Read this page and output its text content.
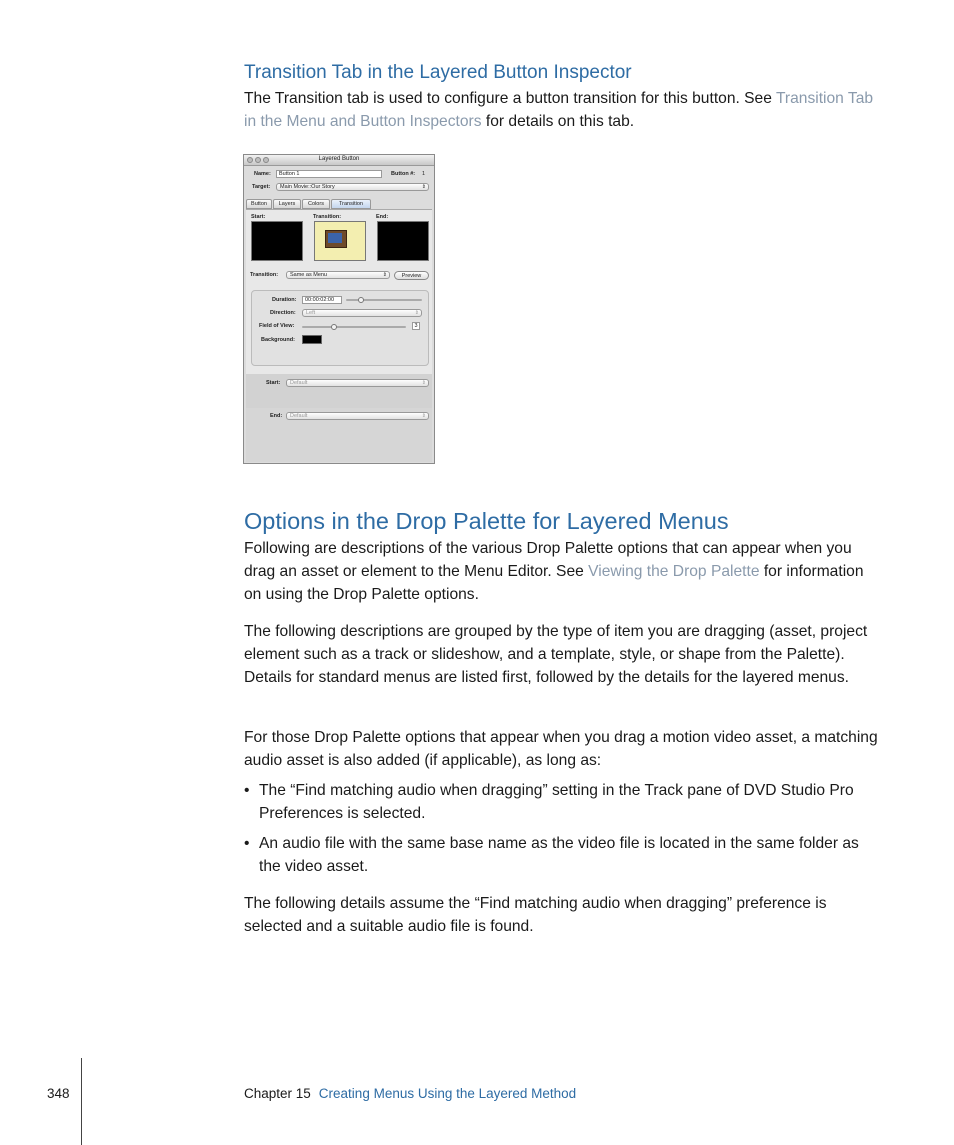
Transition Tab in the Layered Button Inspector

The Transition tab is used to configure a button transition for this button. See Transition Tab in the Menu and Button Inspectors for details on this tab.

Layered Button
Name:	Button 1	Button #: 1
Target:	Main Movie::Our Story	⇕
Button	Layers	Colors	Transition
Start:	Transition:	End:
Transition:	Same as Menu	⇕	Preview
Duration:	00:00:02:00
Direction:	Left	⇕
Field of View:	3
Background:
Start:	Default	⇕
End:	Default	⇕
Options in the Drop Palette for Layered Menus

Following are descriptions of the various Drop Palette options that can appear when you drag an asset or element to the Menu Editor. See Viewing the Drop Palette for information on using the Drop Palette options.

The following descriptions are grouped by the type of item you are dragging (asset, project element such as a track or slideshow, and a template, style, or shape from the Palette). Details for standard menus are listed first, followed by the details for the layered menus.

For those Drop Palette options that appear when you drag a motion video asset, a matching audio asset is also added (if applicable), as long as:

• The “Find matching audio when dragging” setting in the Track pane of DVD Studio Pro Preferences is selected.
• An audio file with the same base name as the video file is located in the same folder as the video asset.

The following details assume the “Find matching audio when dragging” preference is selected and a suitable audio file is found.

348	Chapter 15 Creating Menus Using the Layered Method
